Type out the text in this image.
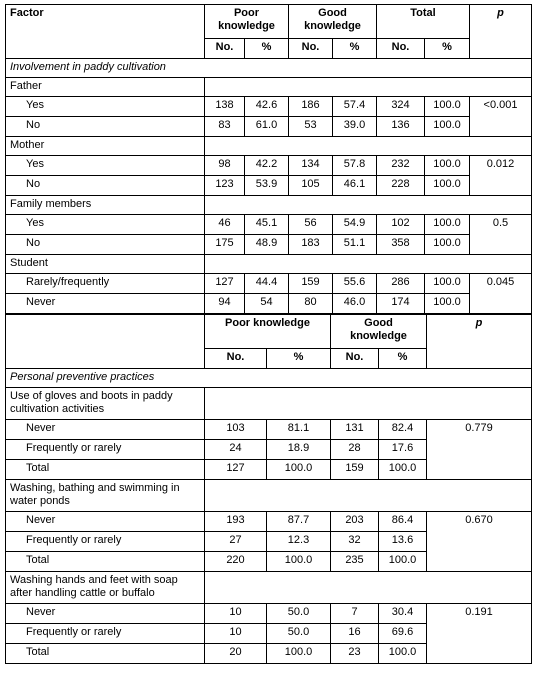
Factor	Poor knowledge		Good knowledge		Total		p
	No.	%	No.	%	No.	%	
Involvement in paddy cultivation							
Father							
Yes	138	42.6	186	57.4	324	100.0	<0.001
No	83	61.0	53	39.0	136	100.0	
Mother							
Yes	98	42.2	134	57.8	232	100.0	0.012
No	123	53.9	105	46.1	228	100.0	
Family members							
Yes	46	45.1	56	54.9	102	100.0	0.5
No	175	48.9	183	51.1	358	100.0	
Student							
Rarely/frequently	127	44.4	159	55.6	286	100.0	0.045
Never	94	54	80	46.0	174	100.0	
	Poor knowledge		Good knowledge		p
	No.	%	No.	%	
Personal preventive practices					
Use of gloves and boots in paddy cultivation activities					
Never	103	81.1	131	82.4	0.779
Frequently or rarely	24	18.9	28	17.6	
Total	127	100.0	159	100.0	
Washing, bathing and swimming in water ponds					
Never	193	87.7	203	86.4	0.670
Frequently or rarely	27	12.3	32	13.6	
Total	220	100.0	235	100.0	
Washing hands and feet with soap after handling cattle or buffalo					
Never	10	50.0	7	30.4	0.191
Frequently or rarely	10	50.0	16	69.6	
Total	20	100.0	23	100.0	
